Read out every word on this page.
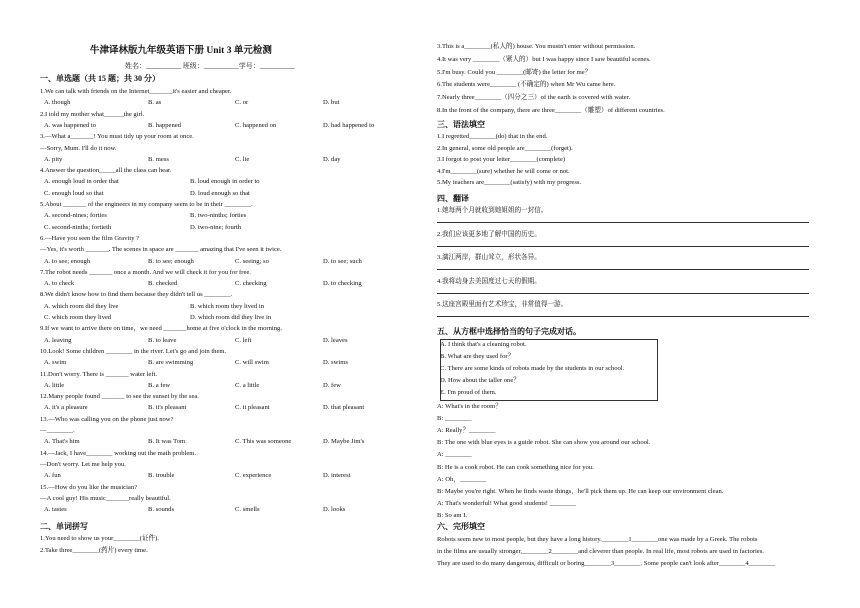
牛津译林版九年级英语下册 Unit 3 单元检测
姓名：__________ 班级：__________学号：__________
一、单选题（共 15 题；共 30 分）
1.We can talk with friends on the Internet_______it's easier and cheaper.
A. though	B. as	C. or	D. but
2.I told my mother what______the girl.
A. was happened to	B. happened	C. happened on	D. had happened to
3.—What a_______! You must tidy up your room at once.
—Sorry, Mum. I'll do it now.
A. pity	B. mess	C. lie	D. day
4.Answer the question_____all the class can hear.
A. enough loud in order that	B. loud enough in order to
C. enough loud so that	D. loud enough so that
5.About _______ of the engineers in my company seem to be in their ________.
A. second-nines; forties	B. two-ninths; forties
C. second-ninths; fortieth	D. two-nine; fourth
6.—Have you seen the film Gravity ?
—Yes, it's worth _______. The scenes in space are _______ amazing that I've seen it twice.
A. to see; enough	B. to see; enough	C. seeing; so	D. to see; such
7.The robot needs _______ once a month. And we will check it for you for free.
A. to check	B. checked	C. checking	D. to checking
8.We didn't know how to find them because they didn't tell us ________.
A. which room did they live	B. which room they lived in
C. which room they lived	D. which room did they live in
9.If we want to arrive there on time，we need _______home at five o'clock in the morning.
A. leaving	B. to leave	C. left	D. leaves
10.Look! Some children ________ in the river. Let's go and join them.
A. swim	B. are swimming	C. will swim	D. swims
11.Don't worry. There is _______ water left.
A. little	B. a few	C. a little	D. few
12.Many people found _______ to see the sunset by the sea.
A. it's a pleasure	B. it's pleasant	C. it pleasant	D. that pleasant
13.—Who was calling you on the phone just now?
—________.
A. That's him	B. It was Tom	C. This was someone	D. Maybe Jim's
14.—Jack, I have________ working out the math problem.
—Don't worry. Let me help you.
A. fun	B. trouble	C. experience	D. interest
15.—How do you like the musician?
—A cool guy! His music_______really beautiful.
A. tastes	B. sounds	C. smells	D. looks
二、单词拼写
1.You need to show us your________(证件).
2.Take three________(药片) every time.
3.This is a________(私人的) house. You mustn't enter without permission.
4.It was very ________（紧人的）but I was happy since I saw beautiful scenes.
5.I'm busy. Could you ________(邮寄) the letter for me？
6.The students were________ (不确定的) when Mr Wu came here.
7.Nearly three________（四分之三）of the earth is covered with water.
8.In the front of the company, there are three________（雕塑）of different countries.
三、语法填空
1.I regretted________(do) that in the end.
2.In general, some old people are________(forget).
3.I forgot to post your letter________(complete)
4.I'm________(sure) whether he will come or not.
5.My teachers are________(satisfy) with my progress.
四、翻译
1.她每两个月就收到她姐姐的一封信。
2.我们应该更多地了解中国的历史。
3.漓江两岸，群山耸立，形状各异。
4.我将动身去美国度过七天的假期。
5.这座宫殿里面有艺术珍宝，非常值得一游。
五、从方框中选择恰当的句子完成对话。
A. I think that's a cleaning robot.
B. What are they used for？
C. There are some kinds of robots made by the students in our school.
D. How about the taller one？
E. I'm proud of them.
A: What's in the room？
B: ________
A: Really？________
B: The one with blue eyes is a guide robot. She can show you around our school.
A: ________
B: He is a cook robot. He can cook something nice for you.
A: Oh，________
B: Maybe you're right. When he finds waste things，he'll pick them up. He can keep our environment clean.
A: That's wonderful! What good students! ________
B: So am I.
六、完形填空
Robots seem new to most people, but they have a long history.________1________one was made by a Greek. The robots
in the films are usually stronger,________2________and cleverer than people. In real life, most robots are used in factories.
They are used to do many dangerous, difficult or boring________3________. Some people can't look after________4________
